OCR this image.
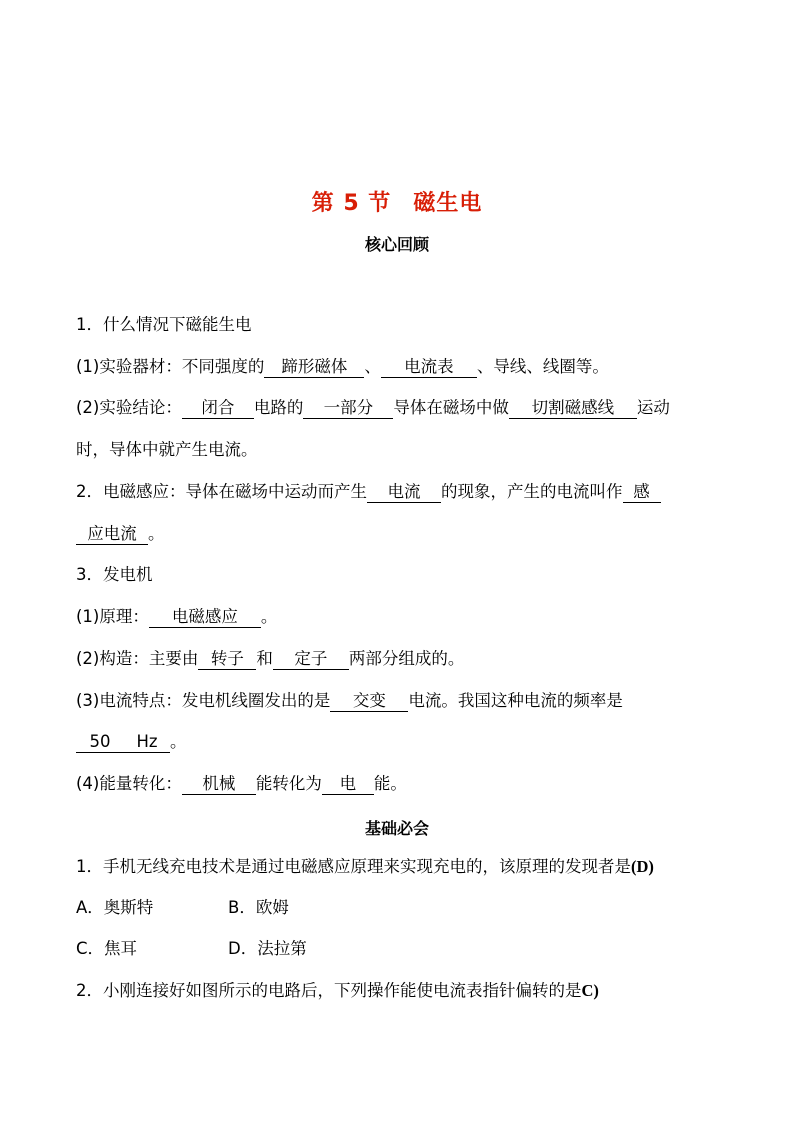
第 5 节 磁生电
核心回顾
1．什么情况下磁能生电
(1)实验器材：不同强度的 蹄形磁体 、 电流表 、导线、线圈等。
(2)实验结论： 闭合 电路的 一部分 导体在磁场中做 切割磁感线 运动
时，导体中就产生电流。
2．电磁感应：导体在磁场中运动而产生 电流 的现象，产生的电流叫作 感
应电流 。
3．发电机
(1)原理： 电磁感应 。
(2)构造：主要由 转子 和 定子 两部分组成的。
(3)电流特点：发电机线圈发出的是 交变 电流。我国这种电流的频率是
50 Hz 。
(4)能量转化： 机械 能转化为 电 能。
基础必会
1．手机无线充电技术是通过电磁感应原理来实现充电的，该原理的发现者是(D)
A．奥斯特	B．欧姆
C．焦耳	D．法拉第
2．小刚连接好如图所示的电路后，下列操作能使电流表指针偏转的是C)
